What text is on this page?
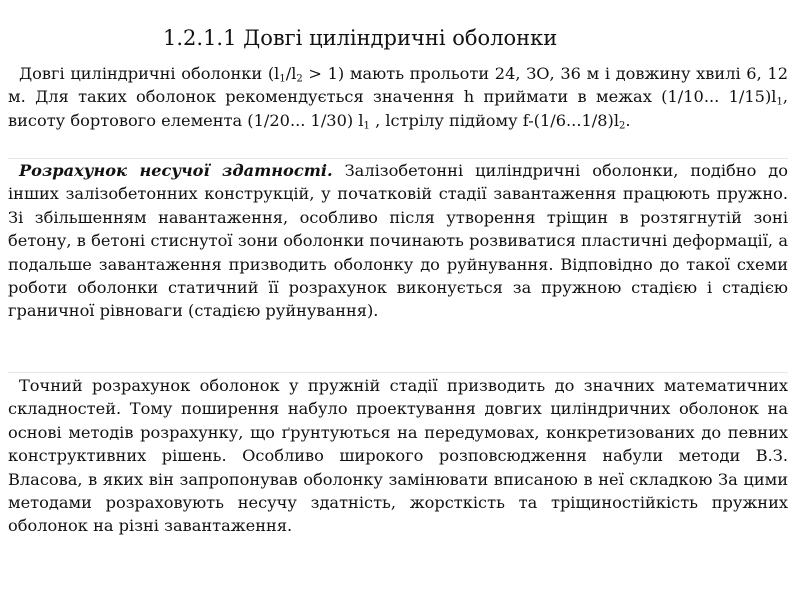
1.2.1.1 Довгі циліндричні оболонки

Довгі циліндричні оболонки $(l_1/l_2 > 1)$ мають прольоти 24, ЗО, 36 м і довжину хвилі 6, 12 м. Для таких оболонок рекомендується значення h приймати в межах (1/10... $1/15)l_1$, висоту бортового елемента (1/20... 1/30) $l_1$ , lстрілу підйому $f-(1/6...1/8)l_2$.

Розрахунок несучої здатності. Залізобетонні циліндричні оболонки, подібно до інших залізобетонних конструкцій, у початковій стадії завантаження працюють пружно. Зі збільшенням навантаження, особливо після утворення тріщин в розтягнутій зоні бетону, в бетоні стиснутої зони оболонки починають розвиватися пластичні деформації, а подальше завантаження призводить оболонку до руйнування. Відповідно до такої схеми роботи оболонки статичний її розрахунок виконується за пружною стадією і стадією граничної рівноваги (стадією руйнування).

Точний розрахунок оболонок у пружній стадії призводить до значних математичних складностей. Тому поширення набуло проектування довгих циліндричних оболонок на основі методів розрахунку, що ґрунтуються на передумовах, конкретизованих до певних конструктивних рішень. Особливо широкого розповсюдження набули методи В.З. Власова, в яких він запропонував оболонку замінювати вписаною в неї складкою За цими методами розраховують несучу здатність, жорсткість та тріщиностійкість пружних оболонок на різні завантаження.
